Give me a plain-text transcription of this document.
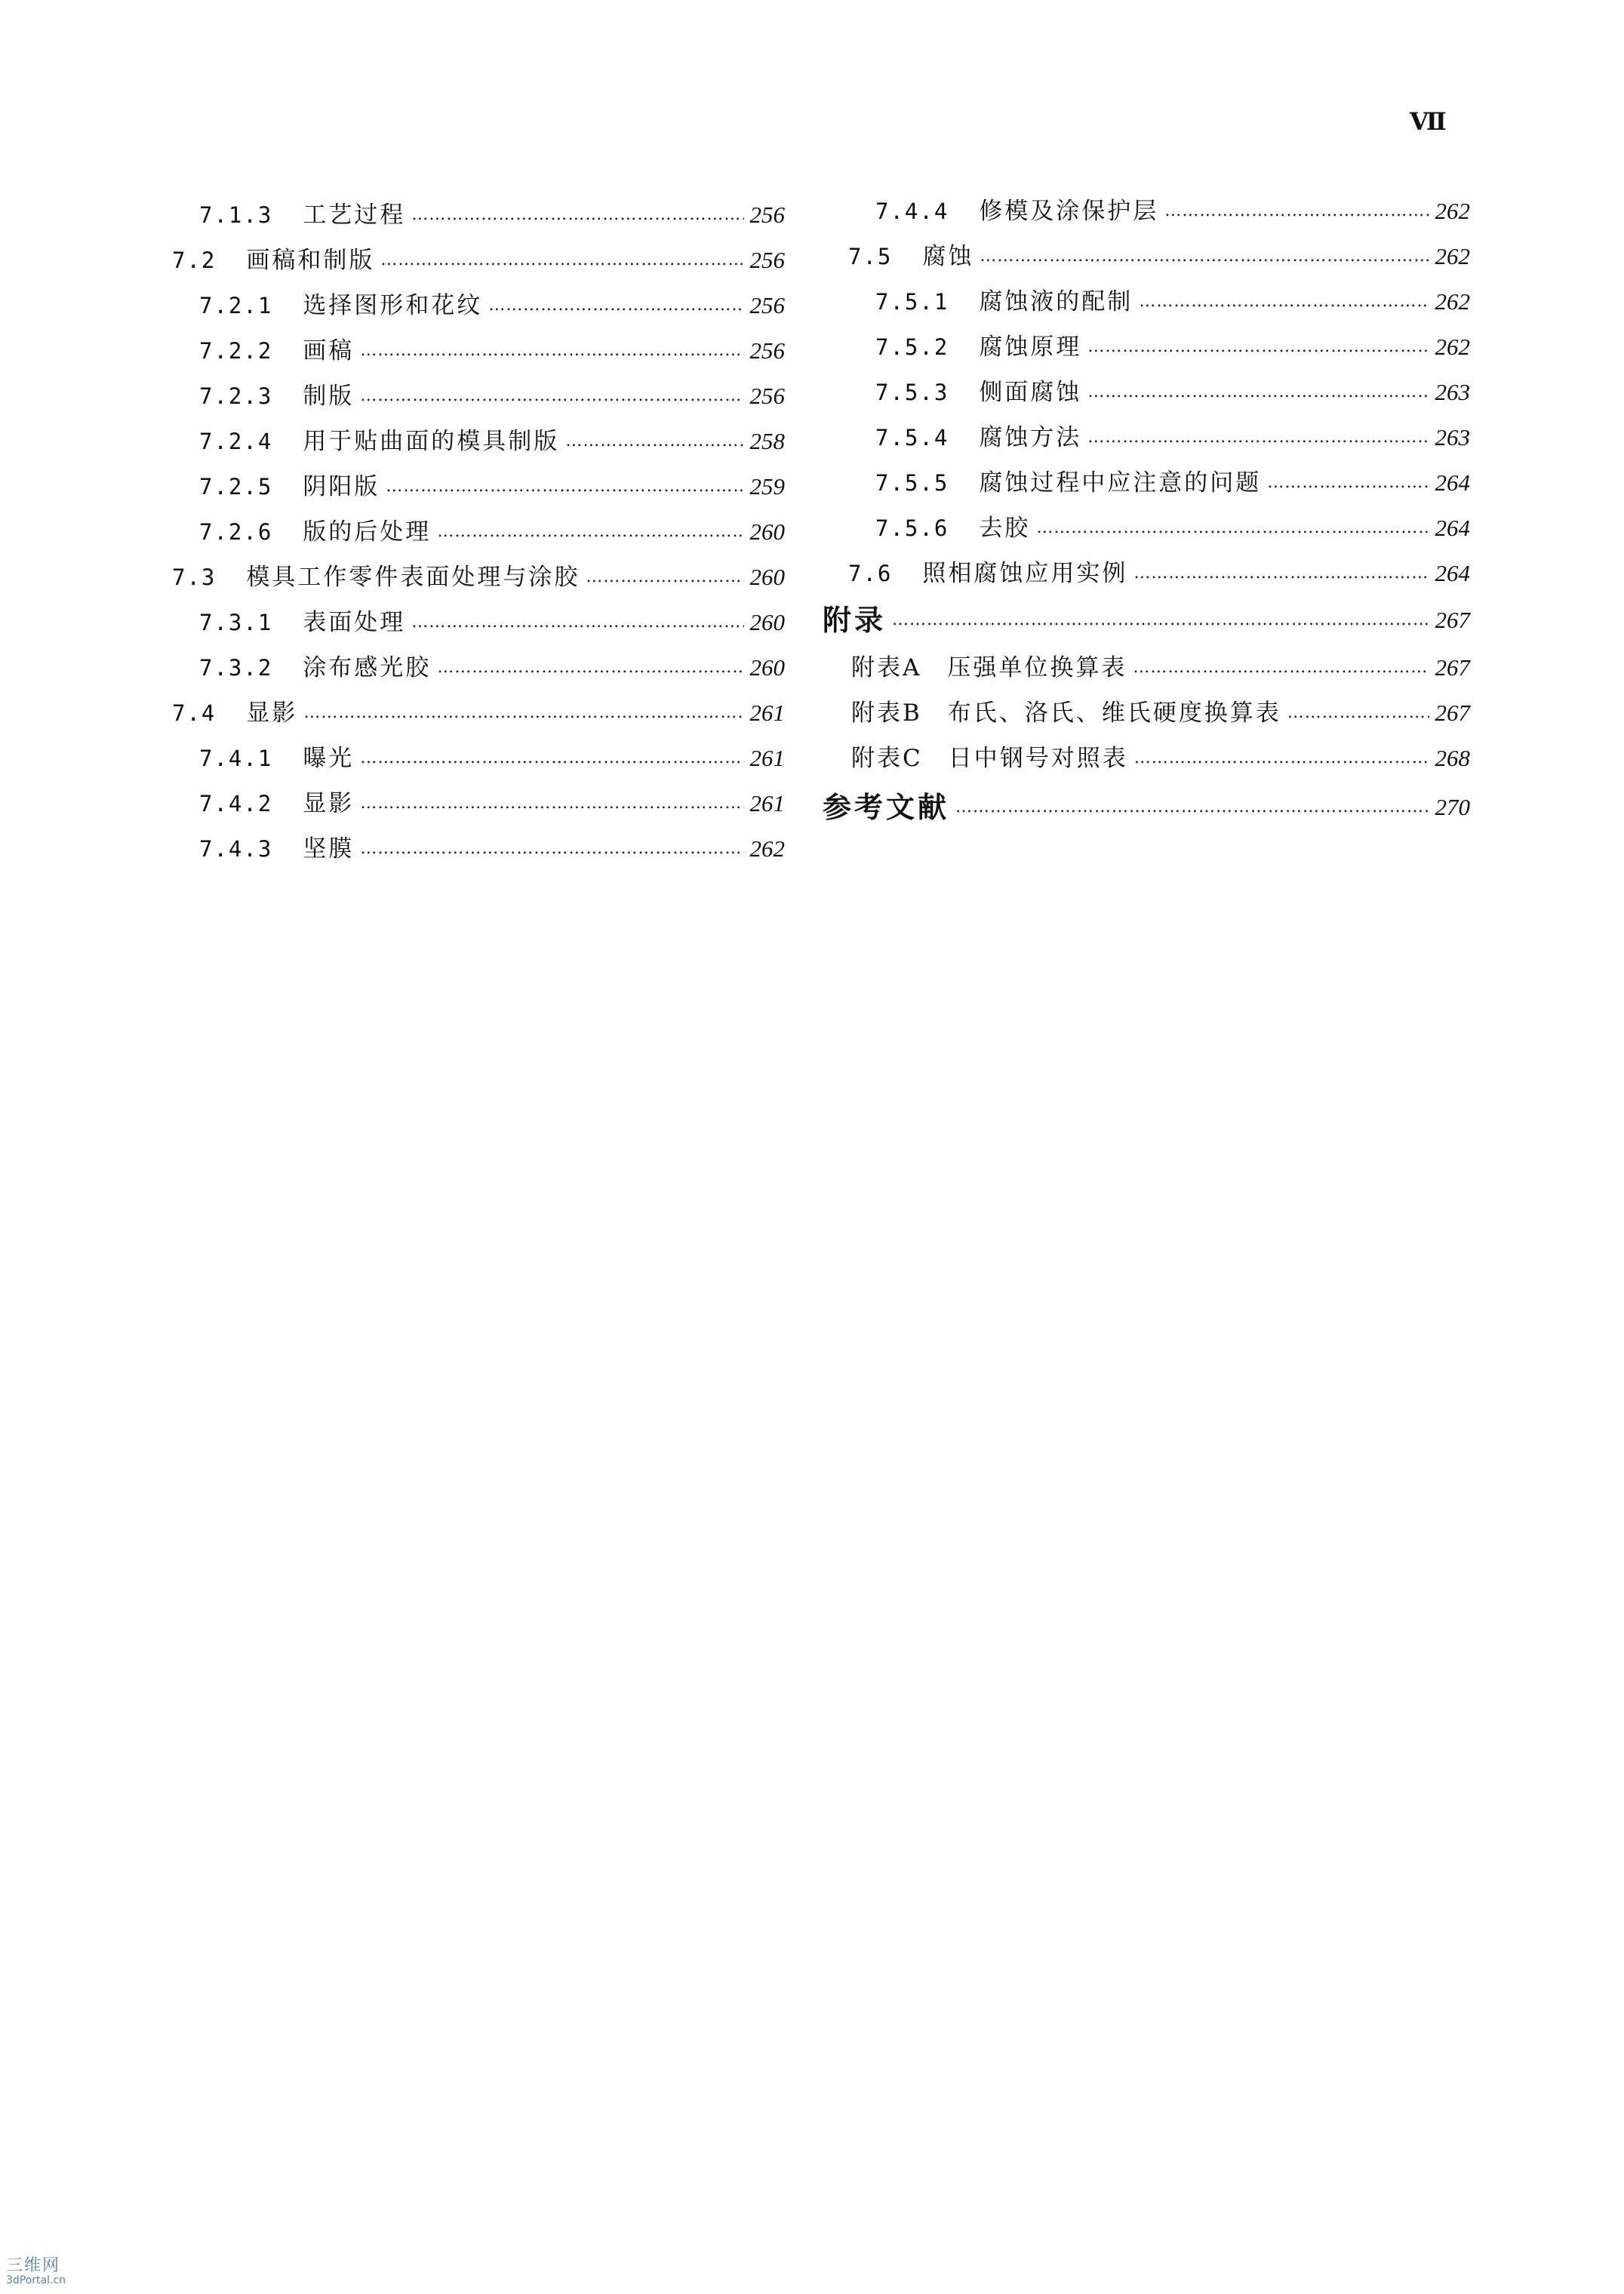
Ⅶ
7.1.3 工艺过程 ………………………………………………………………………………………………………………………………………………………………………………………………………………	256
7.2 画稿和制版 ………………………………………………………………………………………………………………………………………………………………………………………………………………	256
7.2.1 选择图形和花纹 ………………………………………………………………………………………………………………………………………………………………………………………………………………	256
7.2.2 画稿 ………………………………………………………………………………………………………………………………………………………………………………………………………………	256
7.2.3 制版 ………………………………………………………………………………………………………………………………………………………………………………………………………………	256
7.2.4 用于贴曲面的模具制版 ………………………………………………………………………………………………………………………………………………………………………………………………………………	258
7.2.5 阴阳版 ………………………………………………………………………………………………………………………………………………………………………………………………………………	259
7.2.6 版的后处理 ………………………………………………………………………………………………………………………………………………………………………………………………………………	260
7.3 模具工作零件表面处理与涂胶 ………………………………………………………………………………………………………………………………………………………………………………………………………………	260
7.3.1 表面处理 ………………………………………………………………………………………………………………………………………………………………………………………………………………	260
7.3.2 涂布感光胶 ………………………………………………………………………………………………………………………………………………………………………………………………………………	260
7.4 显影 ………………………………………………………………………………………………………………………………………………………………………………………………………………	261
7.4.1 曝光 ………………………………………………………………………………………………………………………………………………………………………………………………………………	261
7.4.2 显影 ………………………………………………………………………………………………………………………………………………………………………………………………………………	261
7.4.3 坚膜 ………………………………………………………………………………………………………………………………………………………………………………………………………………	262
7.4.4 修模及涂保护层 ………………………………………………………………………………………………………………………………………………………………………………………………………………	262
7.5 腐蚀 ………………………………………………………………………………………………………………………………………………………………………………………………………………	262
7.5.1 腐蚀液的配制 ………………………………………………………………………………………………………………………………………………………………………………………………………………	262
7.5.2 腐蚀原理 ………………………………………………………………………………………………………………………………………………………………………………………………………………	262
7.5.3 侧面腐蚀 ………………………………………………………………………………………………………………………………………………………………………………………………………………	263
7.5.4 腐蚀方法 ………………………………………………………………………………………………………………………………………………………………………………………………………………	263
7.5.5 腐蚀过程中应注意的问题 ………………………………………………………………………………………………………………………………………………………………………………………………………………	264
7.5.6 去胶 ………………………………………………………………………………………………………………………………………………………………………………………………………………	264
7.6 照相腐蚀应用实例 ………………………………………………………………………………………………………………………………………………………………………………………………………………	264
附录 ………………………………………………………………………………………………………………………………………………………………………………………………………………	267
附表A　压强单位换算表 ………………………………………………………………………………………………………………………………………………………………………………………………………………	267
附表B　布氏、洛氏、维氏硬度换算表 ………………………………………………………………………………………………………………………………………………………………………………………………………………	267
附表C　日中钢号对照表 ………………………………………………………………………………………………………………………………………………………………………………………………………………	268
参考文献 ………………………………………………………………………………………………………………………………………………………………………………………………………………	270
三维网
3dPortal.cn
